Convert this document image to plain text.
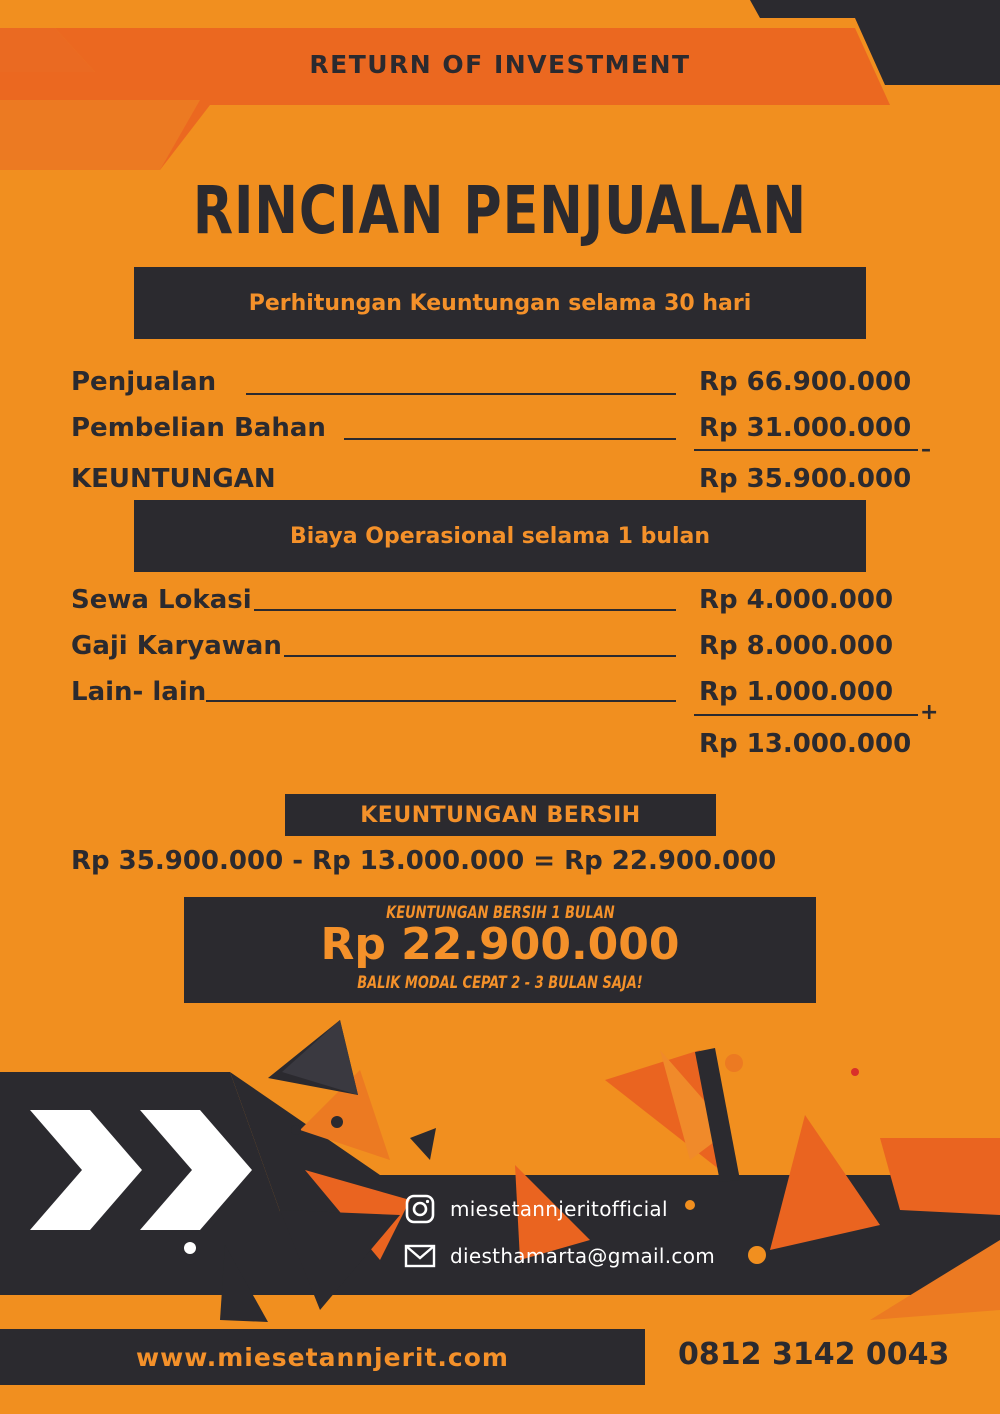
RETURN OF INVESTMENT
RINCIAN PENJUALAN
Perhitungan Keuntungan selama 30 hari
Penjualan	Rp 66.900.000
Pembelian Bahan	Rp 31.000.000
–
KEUNTUNGAN	Rp 35.900.000
Biaya Operasional selama 1 bulan
Sewa Lokasi	Rp 4.000.000
Gaji Karyawan	Rp 8.000.000
Lain- lain	Rp 1.000.000
+
Rp 13.000.000
KEUNTUNGAN BERSIH
Rp 35.900.000 - Rp 13.000.000 = Rp 22.900.000
KEUNTUNGAN BERSIH 1 BULAN
Rp 22.900.000
BALIK MODAL CEPAT 2 - 3 BULAN SAJA!
miesetannjeritofficial
diesthamarta@gmail.com
www.miesetannjerit.com	0812 3142 0043
